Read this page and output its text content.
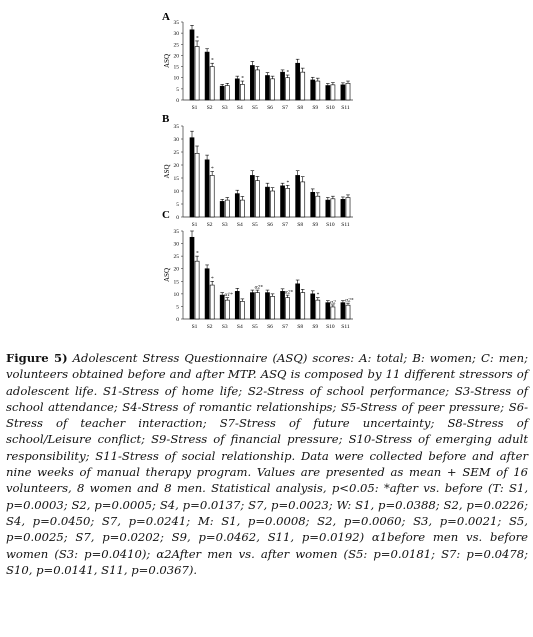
A
ASQ
0
5
10
15
20
25
30
35
S1 S2 S3 S4 S5 S6 S7 S8 S9 S10 S11
*
*
*
*
B
ASQ
0
5
10
15
20
25
30
35
S1 S2 S3 S4 S5 S6 S7 S8 S9 S10 S11
*
*
C
ASQ
0
5
10
15
20
25
30
35
S1 S2 S3 S4 S5 S6 S7 S8 S9 S10 S11
*
*
α1 *
α2 *
α2 *	*
α2 α2 *
Figure 5) Adolescent Stress Questionnaire (ASQ) scores: A: total; B: women; C: men; volunteers obtained before and after MTP. ASQ is composed by 11 different stressors of adolescent life. S1-Stress of home life; S2-Stress of school performance; S3-Stress of school attendance; S4-Stress of romantic relationships; S5-Stress of peer pressure; S6-Stress of teacher interaction; S7-Stress of future uncertainty; S8-Stress of school/Leisure conflict; S9-Stress of financial pressure; S10-Stress of emerging adult responsibility; S11-Stress of social relationship. Data were collected before and after nine weeks of manual therapy program. Values are presented as mean + SEM of 16 volunteers, 8 women and 8 men. Statistical analysis, p<0.05: *after vs. before (T: S1, p=0.0003; S2, p=0.0005; S4, p=0.0137; S7, p=0.0023; W: S1, p=0.0388; S2, p=0.0226; S4, p=0.0450; S7, p=0.0241; M: S1, p=0.0008; S2, p=0.0060; S3, p=0.0021; S5, p=0.0025; S7, p=0.0202; S9, p=0.0462, S11, p=0.0192) α1before men vs. before women (S3: p=0.0410); α2After men vs. after women (S5: p=0.0181; S7: p=0.0478; S10, p=0.0141, S11, p=0.0367).
